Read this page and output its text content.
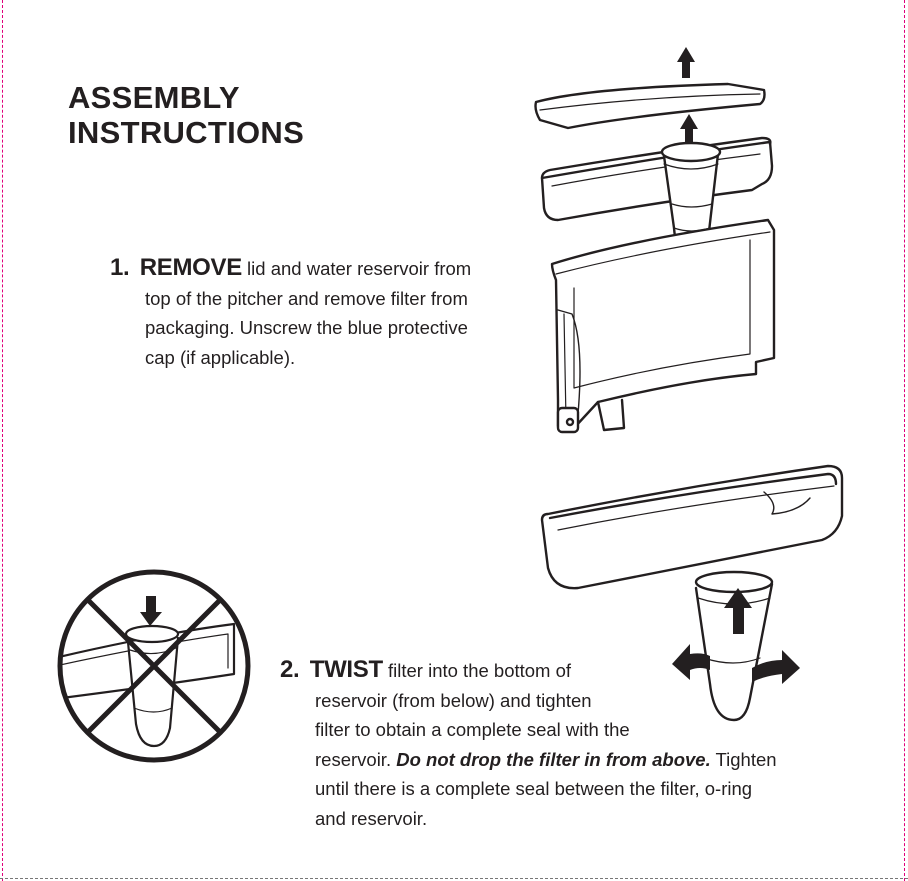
ASSEMBLY
INSTRUCTIONS
1. REMOVE lid and water reservoir from
top of the pitcher and remove filter from
packaging. Unscrew the blue protective
cap (if applicable).
2. TWIST filter into the bottom of
reservoir (from below) and tighten
filter to obtain a complete seal with the
reservoir. Do not drop the filter in from above. Tighten
until there is a complete seal between the filter, o-ring
and reservoir.
